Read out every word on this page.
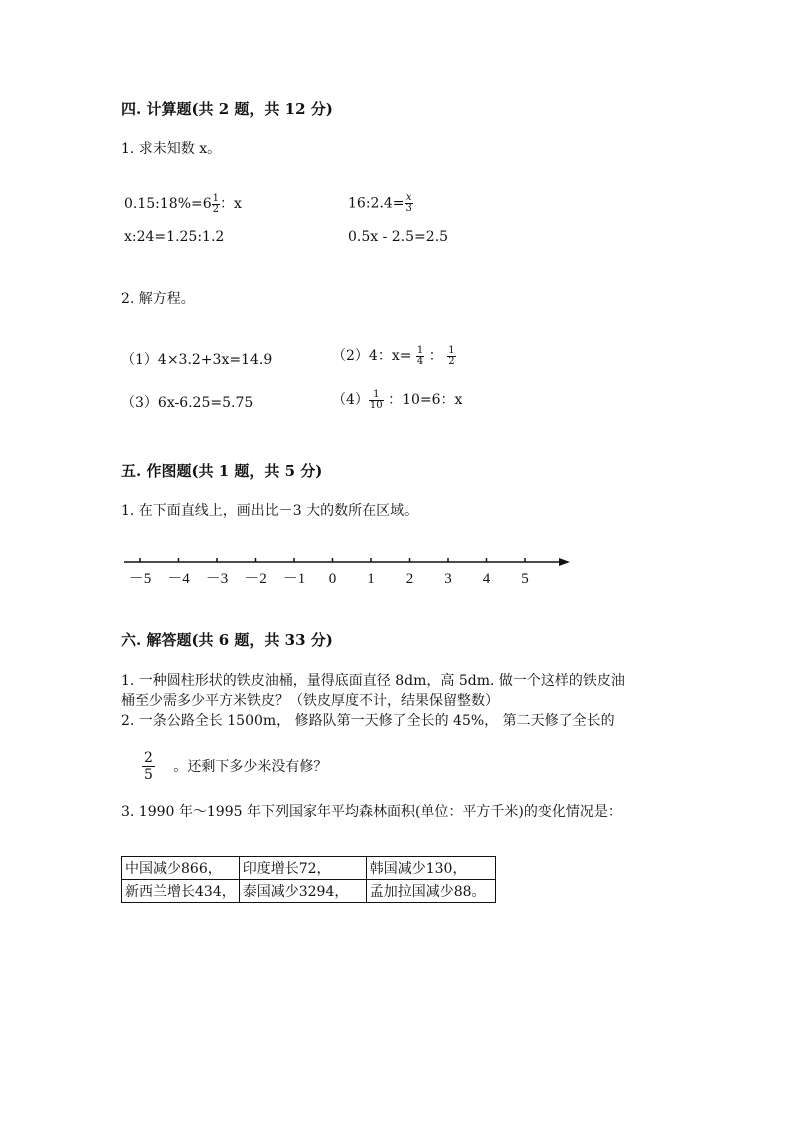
四. 计算题(共 2 题，共 12 分)
1. 求未知数 x。
0.15:18%=6 $\frac{1}{2}$ ：x	16:2.4= $\frac{x}{3}$
x:24=1.25:1.2	0.5x - 2.5=2.5
2. 解方程。
（1）4×3.2+3x=14.9	（2）4：$x= \frac{1}{4}$ ： $\frac{1}{2}$
（3）6x-6.25=5.75	$(4) \frac{1}{10}$ ：10=6：x
五. 作图题(共 1 题，共 5 分)
1. 在下面直线上，画出比－3 大的数所在区域。
－5 －4 －3 －2 －1 0 1 2 3 4 5
六. 解答题(共 6 题，共 33 分)
1. 一种圆柱形状的铁皮油桶，量得底面直径 8dm，高 5dm. 做一个这样的铁皮油
桶至少需多少平方米铁皮？（铁皮厚度不计，结果保留整数）
2. 一条公路全长 1500m， 修路队第一天修了全长的 45%， 第二天修了全长的
$\frac{2}{5}$ 。还剩下多少米没有修？
3. 1990 年～1995 年下列国家年平均森林面积(单位：平方千米)的变化情况是：
中国减少866，	印度增长72，	韩国减少130，
新西兰增长434，	泰国减少3294，	孟加拉国减少88。
